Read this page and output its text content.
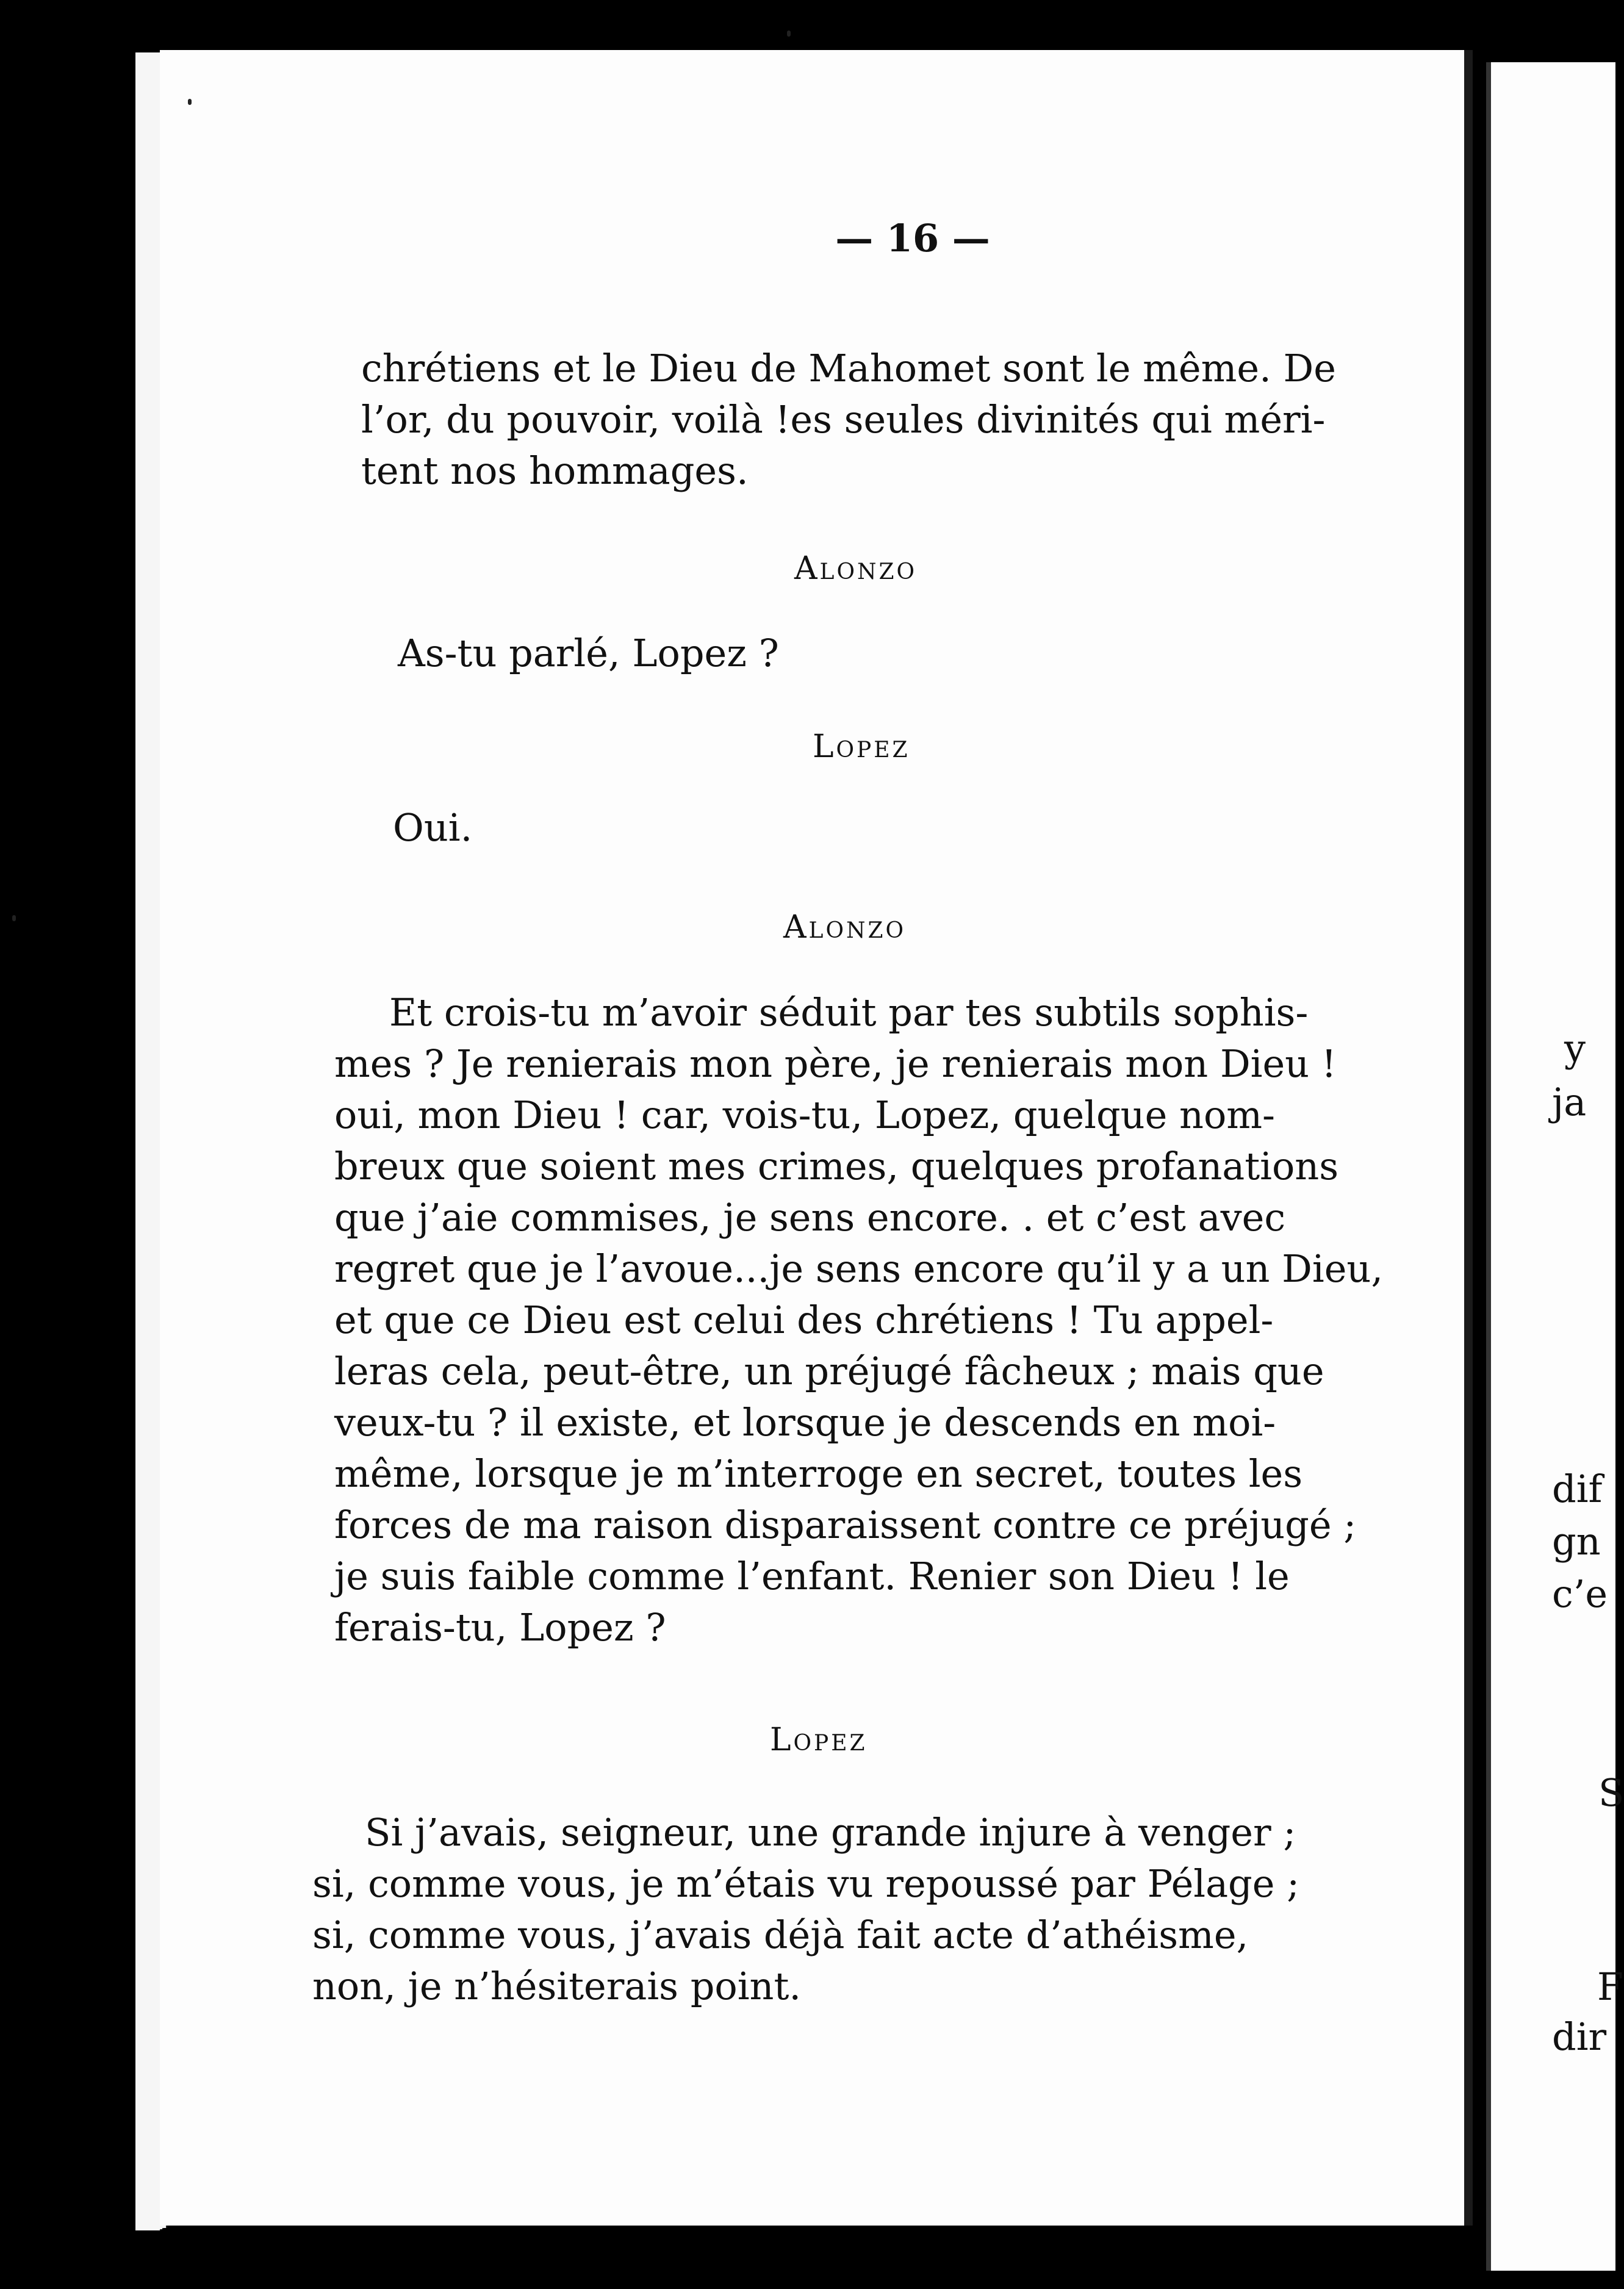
— 16 —

chrétiens et le Dieu de Mahomet sont le même. De
l’or, du pouvoir, voilà !es seules divinités qui méri-
tent nos hommages.

Alonzo
As-tu parlé, Lopez ?
Lopez
Oui.
Alonzo

Et crois-tu m’avoir séduit par tes subtils sophis-
mes ? Je renierais mon père, je renierais mon Dieu !
oui, mon Dieu ! car, vois-tu, Lopez, quelque nom-
breux que soient mes crimes, quelques profanations
que j’aie commises, je sens encore. . et c’est avec
regret que je l’avoue...je sens encore qu’il y a un Dieu,
et que ce Dieu est celui des chrétiens ! Tu appel-
leras cela, peut-être, un préjugé fâcheux ; mais que
veux-tu ? il existe, et lorsque je descends en moi-
même, lorsque je m’interroge en secret, toutes les
forces de ma raison disparaissent contre ce préjugé ;
je suis faible comme l’enfant. Renier son Dieu ! le
ferais-tu, Lopez ?

Lopez

Si j’avais, seigneur, une grande injure à venger ;
si, comme vous, je m’étais vu repoussé par Pélage ;
si, comme vous, j’avais déjà fait acte d’athéisme,
non, je n’hésiterais point.

y
ja
dif
gn
c’e
S
F
dir
